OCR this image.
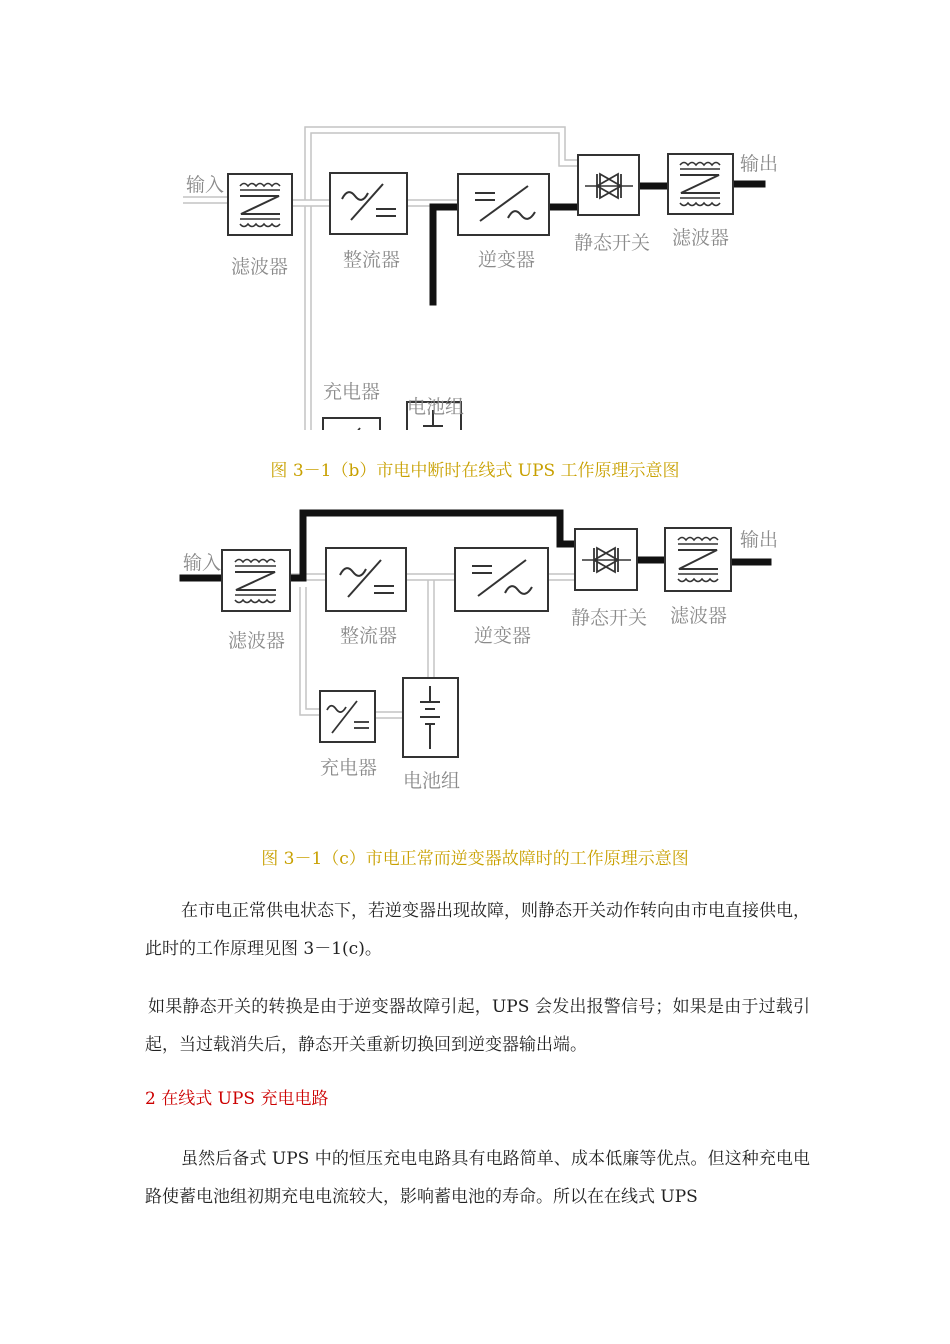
输入
输出
滤波器	整流器	逆变器
静态开关 滤波器
充电器
电池组
图 3－1（b）市电中断时在线式 UPS 工作原理示意图
输入
输出
滤波器	整流器	逆变器
静态开关 滤波器
充电器
电池组
图 3－1（c）市电正常而逆变器故障时的工作原理示意图

在市电正常供电状态下，若逆变器出现故障，则静态开关动作转向由市电直接供电，此时的工作原理见图 3－1(c)。

如果静态开关的转换是由于逆变器故障引起，UPS 会发出报警信号；如果是由于过载引起，当过载消失后，静态开关重新切换回到逆变器输出端。

2 在线式 UPS 充电电路

虽然后备式 UPS 中的恒压充电电路具有电路简单、成本低廉等优点。但这种充电电路使蓄电池组初期充电电流较大，影响蓄电池的寿命。所以在在线式 UPS
